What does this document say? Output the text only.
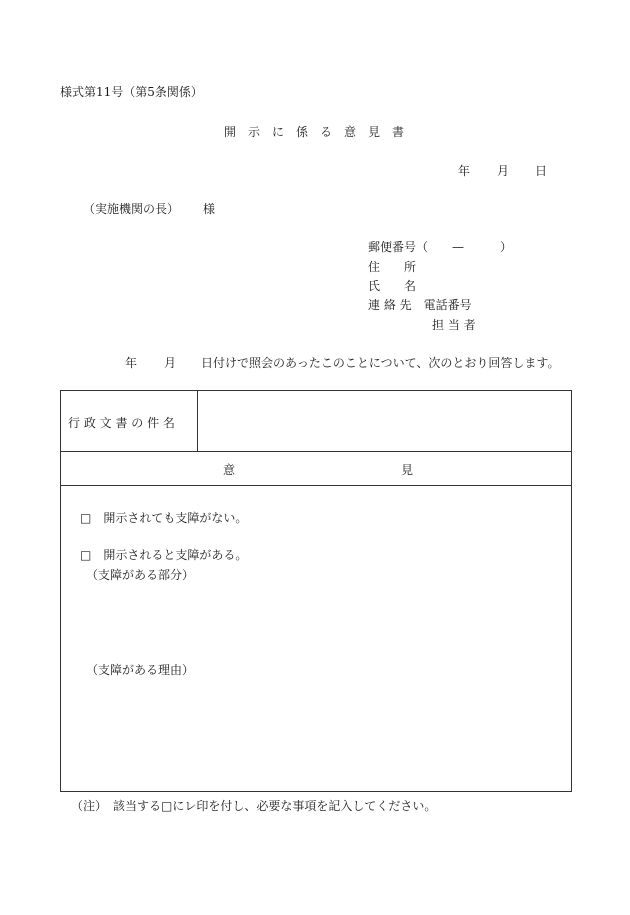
様式第11号（第5条関係）
開　示　に　係　る　意　見　書
年 月 日
（実施機関の長） 様
郵便番号（　　—　　　）
住　　所
氏　　名
連 絡 先　電話番号
担 当 者
年 月 日付けで照会のあったこのことについて、次のとおり回答します。
行 政 文 書 の 件 名
意	見
□　開示されても支障がない。
□　開示されると支障がある。
（支障がある部分）
（支障がある理由）
（注）　該当する□にレ印を付し、必要な事項を記入してください。
